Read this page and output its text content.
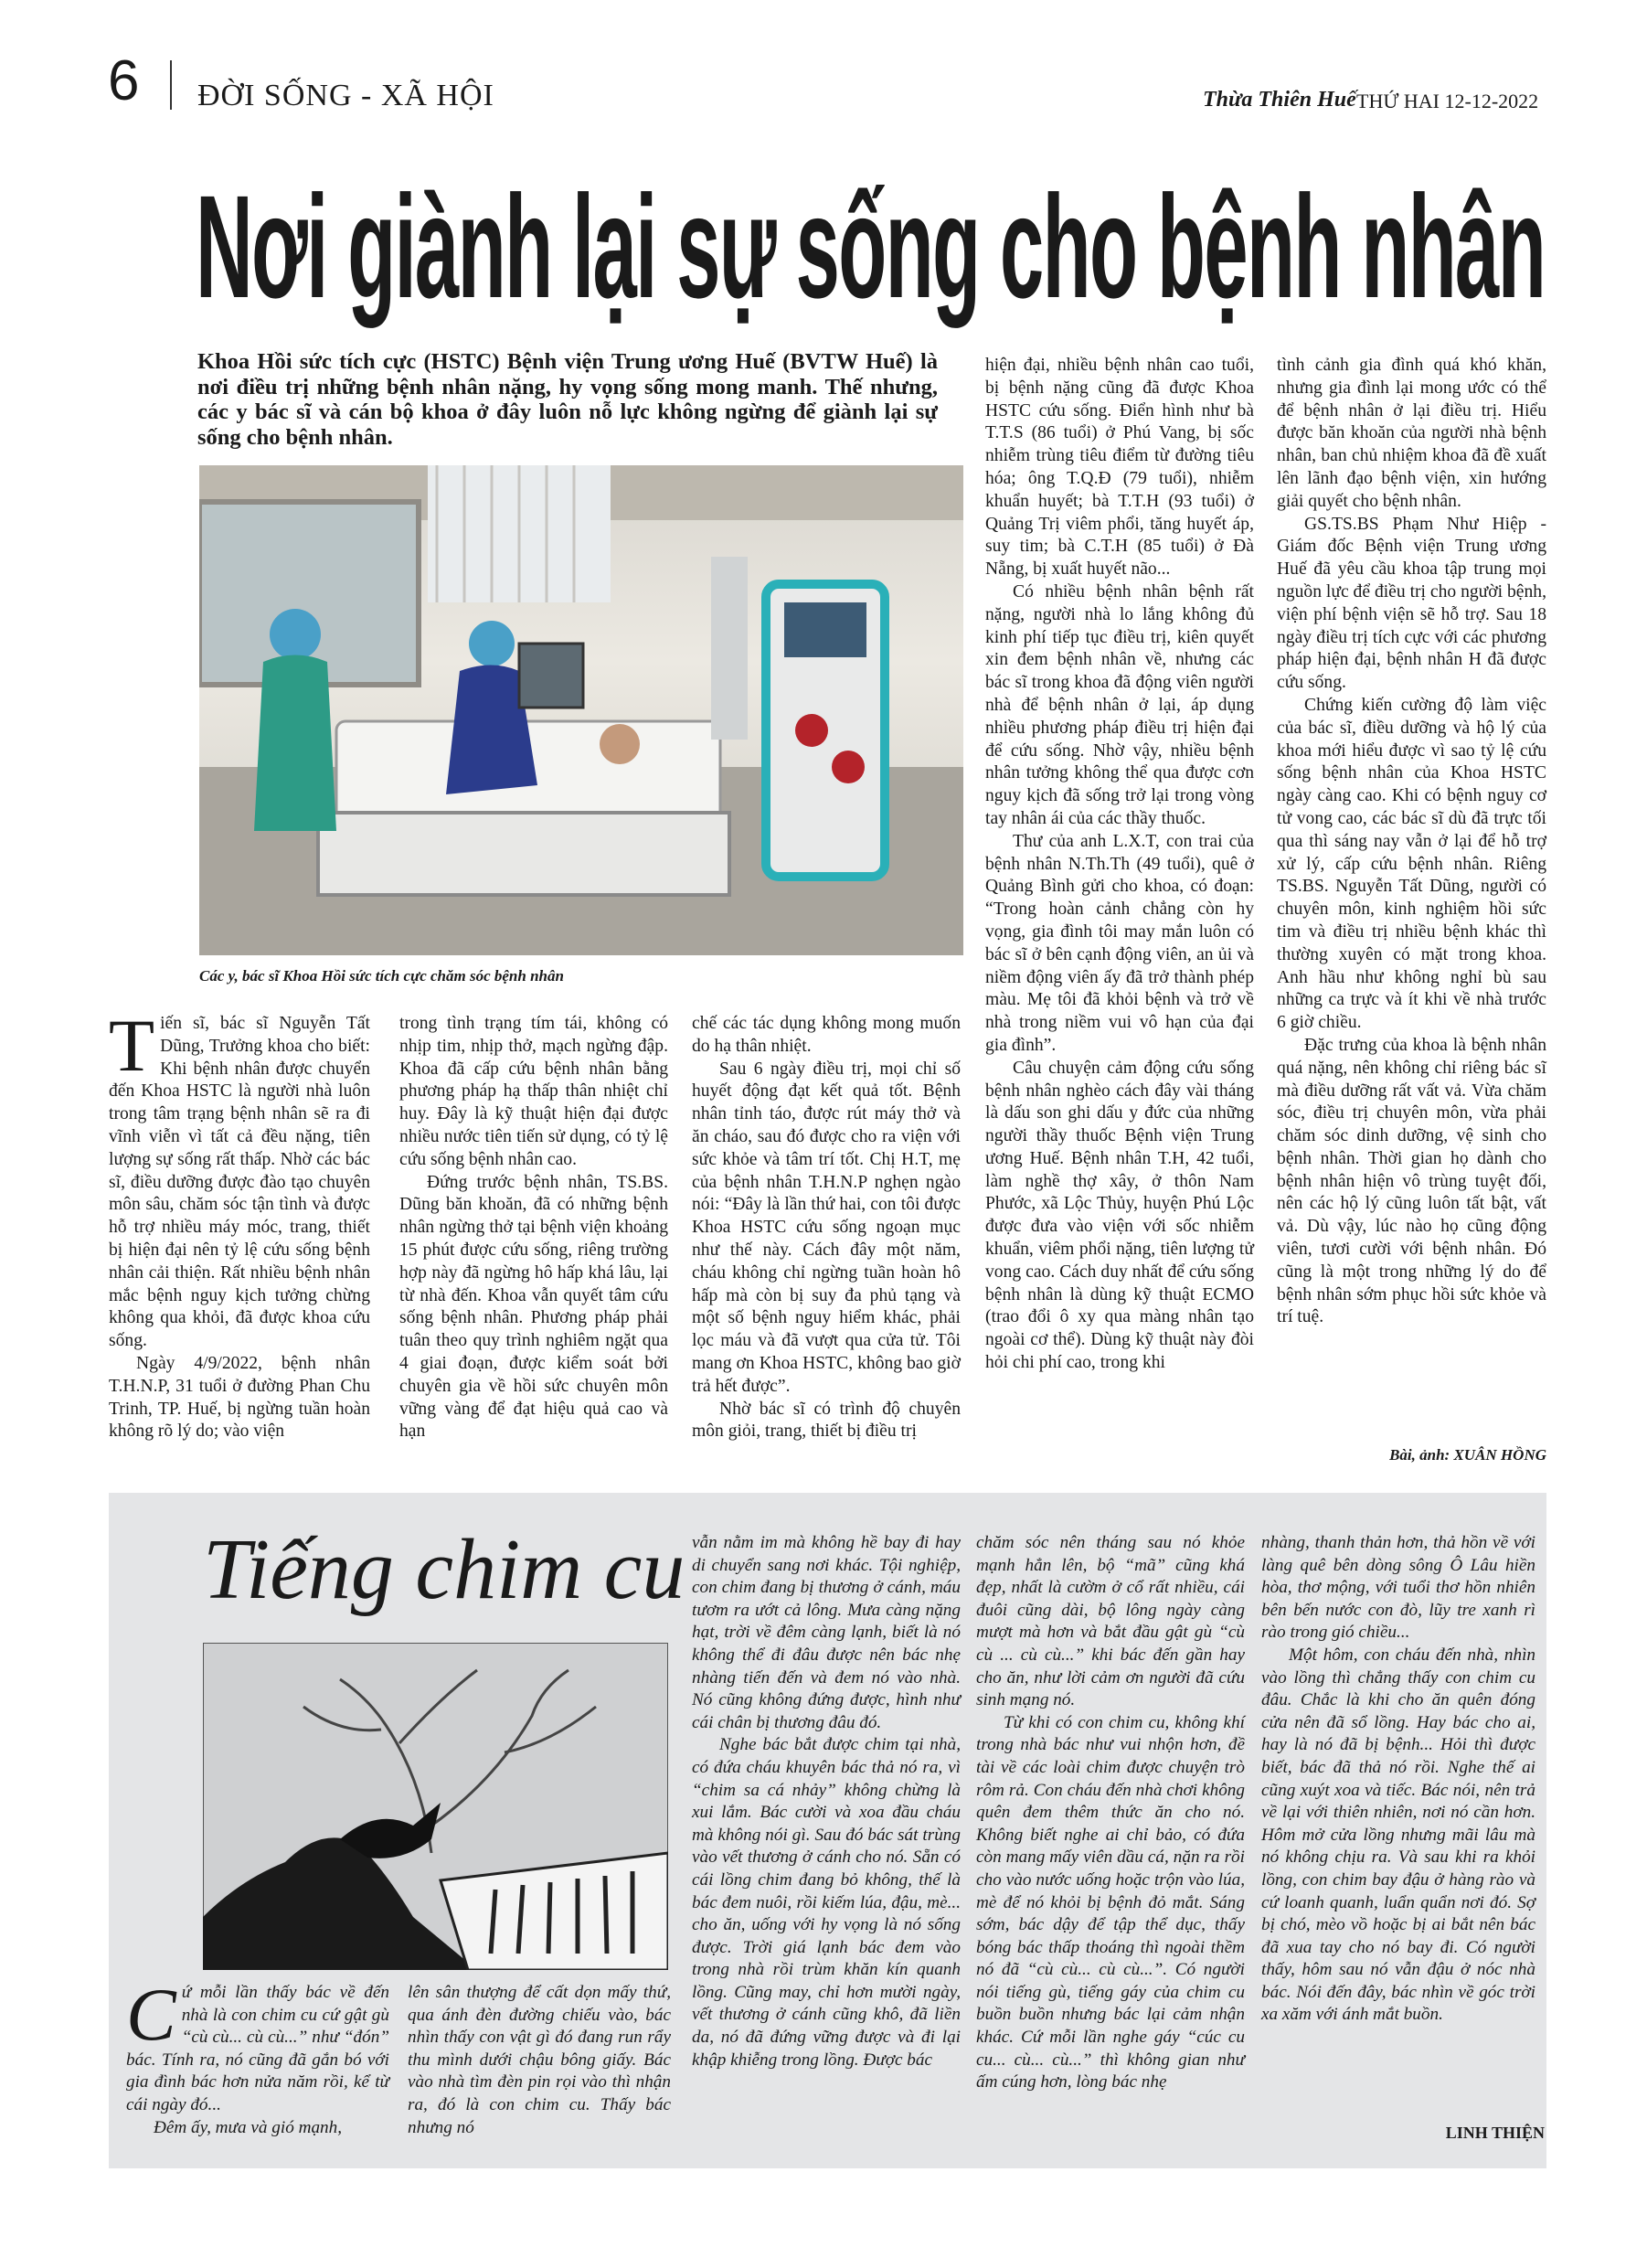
6 ĐỜI SỐNG - XÃ HỘI	Thừa Thiên Huế THỨ HAI 12-12-2022
Nơi giành lại sự sống cho bệnh nhân
Khoa Hồi sức tích cực (HSTC) Bệnh viện Trung ương Huế (BVTW Huế) là nơi điều trị những bệnh nhân nặng, hy vọng sống mong manh. Thế nhưng, các y bác sĩ và cán bộ khoa ở đây luôn nỗ lực không ngừng để giành lại sự sống cho bệnh nhân.
Các y, bác sĩ Khoa Hồi sức tích cực chăm sóc bệnh nhân

Tiến sĩ, bác sĩ Nguyễn Tất Dũng, Trưởng khoa cho biết: Khi bệnh nhân được chuyển đến Khoa HSTC là người nhà luôn trong tâm trạng bệnh nhân sẽ ra đi vĩnh viễn vì tất cả đều nặng, tiên lượng sự sống rất thấp. Nhờ các bác sĩ, điều dưỡng được đào tạo chuyên môn sâu, chăm sóc tận tình và được hỗ trợ nhiều máy móc, trang, thiết bị hiện đại nên tỷ lệ cứu sống bệnh nhân cải thiện. Rất nhiều bệnh nhân mắc bệnh nguy kịch tưởng chừng không qua khỏi, đã được khoa cứu sống.

Ngày 4/9/2022, bệnh nhân T.H.N.P, 31 tuổi ở đường Phan Chu Trinh, TP. Huế, bị ngừng tuần hoàn không rõ lý do; vào viện

trong tình trạng tím tái, không có nhịp tim, nhịp thở, mạch ngừng đập. Khoa đã cấp cứu bệnh nhân bằng phương pháp hạ thấp thân nhiệt chỉ huy. Đây là kỹ thuật hiện đại được nhiều nước tiên tiến sử dụng, có tỷ lệ cứu sống bệnh nhân cao.

Đứng trước bệnh nhân, TS.BS. Dũng băn khoăn, đã có những bệnh nhân ngừng thở tại bệnh viện khoảng 15 phút được cứu sống, riêng trường hợp này đã ngừng hô hấp khá lâu, lại từ nhà đến. Khoa vẫn quyết tâm cứu sống bệnh nhân. Phương pháp phải tuân theo quy trình nghiêm ngặt qua 4 giai đoạn, được kiểm soát bởi chuyên gia về hồi sức chuyên môn vững vàng để đạt hiệu quả cao và hạn

chế các tác dụng không mong muốn do hạ thân nhiệt.

Sau 6 ngày điều trị, mọi chỉ số huyết động đạt kết quả tốt. Bệnh nhân tỉnh táo, được rút máy thở và ăn cháo, sau đó được cho ra viện với sức khỏe và tâm trí tốt. Chị H.T, mẹ của bệnh nhân T.H.N.P nghẹn ngào nói: “Đây là lần thứ hai, con tôi được Khoa HSTC cứu sống ngoạn mục như thế này. Cách đây một năm, cháu không chỉ ngừng tuần hoàn hô hấp mà còn bị suy đa phủ tạng và một số bệnh nguy hiểm khác, phải lọc máu và đã vượt qua cửa tử. Tôi mang ơn Khoa HSTC, không bao giờ trả hết được”.

Nhờ bác sĩ có trình độ chuyên môn giỏi, trang, thiết bị điều trị

hiện đại, nhiều bệnh nhân cao tuổi, bị bệnh nặng cũng đã được Khoa HSTC cứu sống. Điển hình như bà T.T.S (86 tuổi) ở Phú Vang, bị sốc nhiễm trùng tiêu điểm từ đường tiêu hóa; ông T.Q.Đ (79 tuổi), nhiễm khuẩn huyết; bà T.T.H (93 tuổi) ở Quảng Trị viêm phổi, tăng huyết áp, suy tim; bà C.T.H (85 tuổi) ở Đà Nẵng, bị xuất huyết não...

Có nhiều bệnh nhân bệnh rất nặng, người nhà lo lắng không đủ kinh phí tiếp tục điều trị, kiên quyết xin đem bệnh nhân về, nhưng các bác sĩ trong khoa đã động viên người nhà để bệnh nhân ở lại, áp dụng nhiều phương pháp điều trị hiện đại để cứu sống. Nhờ vậy, nhiều bệnh nhân tưởng không thể qua được cơn nguy kịch đã sống trở lại trong vòng tay nhân ái của các thầy thuốc.

Thư của anh L.X.T, con trai của bệnh nhân N.Th.Th (49 tuổi), quê ở Quảng Bình gửi cho khoa, có đoạn: “Trong hoàn cảnh chẳng còn hy vọng, gia đình tôi may mắn luôn có bác sĩ ở bên cạnh động viên, an ủi và niềm động viên ấy đã trở thành phép màu. Mẹ tôi đã khỏi bệnh và trở về nhà trong niềm vui vô hạn của đại gia đình”.

Câu chuyện cảm động cứu sống bệnh nhân nghèo cách đây vài tháng là dấu son ghi dấu y đức của những người thầy thuốc Bệnh viện Trung ương Huế. Bệnh nhân T.H, 42 tuổi, làm nghề thợ xây, ở thôn Nam Phước, xã Lộc Thủy, huyện Phú Lộc được đưa vào viện với sốc nhiễm khuẩn, viêm phổi nặng, tiên lượng tử vong cao. Cách duy nhất để cứu sống bệnh nhân là dùng kỹ thuật ECMO (trao đổi ô xy qua màng nhân tạo ngoài cơ thể). Dùng kỹ thuật này đòi hỏi chi phí cao, trong khi

tình cảnh gia đình quá khó khăn, nhưng gia đình lại mong ước có thể để bệnh nhân ở lại điều trị. Hiểu được băn khoăn của người nhà bệnh nhân, ban chủ nhiệm khoa đã đề xuất lên lãnh đạo bệnh viện, xin hướng giải quyết cho bệnh nhân.

GS.TS.BS Phạm Như Hiệp - Giám đốc Bệnh viện Trung ương Huế đã yêu cầu khoa tập trung mọi nguồn lực để điều trị cho người bệnh, viện phí bệnh viện sẽ hỗ trợ. Sau 18 ngày điều trị tích cực với các phương pháp hiện đại, bệnh nhân H đã được cứu sống.

Chứng kiến cường độ làm việc của bác sĩ, điều dưỡng và hộ lý của khoa mới hiểu được vì sao tỷ lệ cứu sống bệnh nhân của Khoa HSTC ngày càng cao. Khi có bệnh nguy cơ tử vong cao, các bác sĩ dù đã trực tối qua thì sáng nay vẫn ở lại để hỗ trợ xử lý, cấp cứu bệnh nhân. Riêng TS.BS. Nguyễn Tất Dũng, người có chuyên môn, kinh nghiệm hồi sức tim và điều trị nhiều bệnh khác thì thường xuyên có mặt trong khoa. Anh hầu như không nghỉ bù sau những ca trực và ít khi về nhà trước 6 giờ chiều.

Đặc trưng của khoa là bệnh nhân quá nặng, nên không chỉ riêng bác sĩ mà điều dưỡng rất vất vả. Vừa chăm sóc, điều trị chuyên môn, vừa phải chăm sóc dinh dưỡng, vệ sinh cho bệnh nhân. Thời gian họ dành cho bệnh nhân hiện vô trùng tuyệt đối, nên các hộ lý cũng luôn tất bật, vất vả. Dù vậy, lúc nào họ cũng động viên, tươi cười với bệnh nhân. Đó cũng là một trong những lý do để bệnh nhân sớm phục hồi sức khỏe và trí tuệ.

Bài, ảnh: XUÂN HỒNG
Tiếng chim cu

Cứ mỗi lần thấy bác về đến nhà là con chim cu cứ gật gù “cù cù... cù cù...” như “đón” bác. Tính ra, nó cũng đã gắn bó với gia đình bác hơn nửa năm rồi, kể từ cái ngày đó...

Đêm ấy, mưa và gió mạnh,

lên sân thượng để cất dọn mấy thứ, qua ánh đèn đường chiếu vào, bác nhìn thấy con vật gì đó đang run rẩy thu mình dưới chậu bông giấy. Bác vào nhà tìm đèn pin rọi vào thì nhận ra, đó là con chim cu. Thấy bác nhưng nó

vẫn nằm im mà không hề bay đi hay di chuyển sang nơi khác. Tội nghiệp, con chim đang bị thương ở cánh, máu tươm ra ướt cả lông. Mưa càng nặng hạt, trời về đêm càng lạnh, biết là nó không thể đi đâu được nên bác nhẹ nhàng tiến đến và đem nó vào nhà. Nó cũng không đứng được, hình như cái chân bị thương đâu đó.

Nghe bác bắt được chim tại nhà, có đứa cháu khuyên bác thả nó ra, vì “chim sa cá nhảy” không chừng là xui lắm. Bác cười và xoa đầu cháu mà không nói gì. Sau đó bác sát trùng vào vết thương ở cánh cho nó. Sẵn có cái lồng chim đang bỏ không, thế là bác đem nuôi, rồi kiếm lúa, đậu, mè... cho ăn, uống với hy vọng là nó sống được. Trời giá lạnh bác đem vào trong nhà rồi trùm khăn kín quanh lồng. Cũng may, chỉ hơn mười ngày, vết thương ở cánh cũng khô, đã liền da, nó đã đứng vững được và đi lại khập khiễng trong lồng. Được bác

chăm sóc nên tháng sau nó khỏe mạnh hẳn lên, bộ “mã” cũng khá đẹp, nhất là cườm ở cổ rất nhiều, cái đuôi cũng dài, bộ lông ngày càng mượt mà hơn và bắt đầu gật gù “cù cù ... cù cù...” khi bác đến gần hay cho ăn, như lời cảm ơn người đã cứu sinh mạng nó.

Từ khi có con chim cu, không khí trong nhà bác như vui nhộn hơn, đề tài về các loài chim được chuyện trò rôm rả. Con cháu đến nhà chơi không quên đem thêm thức ăn cho nó. Không biết nghe ai chỉ bảo, có đứa còn mang mấy viên dầu cá, nặn ra rồi cho vào nước uống hoặc trộn vào lúa, mè để nó khỏi bị bệnh đỏ mắt. Sáng sớm, bác dậy để tập thể dục, thấy bóng bác thấp thoáng thì ngoài thềm nó đã “cù cù... cù cù...”. Có người nói tiếng gù, tiếng gáy của chim cu buồn buồn nhưng bác lại cảm nhận khác. Cứ mỗi lần nghe gáy “cúc cu cu... cù... cù...” thì không gian như ấm cúng hơn, lòng bác nhẹ

nhàng, thanh thản hơn, thả hồn về với làng quê bên dòng sông Ô Lâu hiền hòa, thơ mộng, với tuổi thơ hồn nhiên bên bến nước con đò, lũy tre xanh rì rào trong gió chiều...

Một hôm, con cháu đến nhà, nhìn vào lồng thì chẳng thấy con chim cu đâu. Chắc là khi cho ăn quên đóng cửa nên đã sổ lồng. Hay bác cho ai, hay là nó đã bị bệnh... Hỏi thì được biết, bác đã thả nó rồi. Nghe thế ai cũng xuýt xoa và tiếc. Bác nói, nên trả về lại với thiên nhiên, nơi nó cần hơn. Hôm mở cửa lồng nhưng mãi lâu mà nó không chịu ra. Và sau khi ra khỏi lồng, con chim bay đậu ở hàng rào và cứ loanh quanh, luẩn quẩn nơi đó. Sợ bị chó, mèo vồ hoặc bị ai bắt nên bác đã xua tay cho nó bay đi. Có người thấy, hôm sau nó vẫn đậu ở nóc nhà bác. Nói đến đây, bác nhìn về góc trời xa xăm với ánh mắt buồn.

LINH THIỆN
